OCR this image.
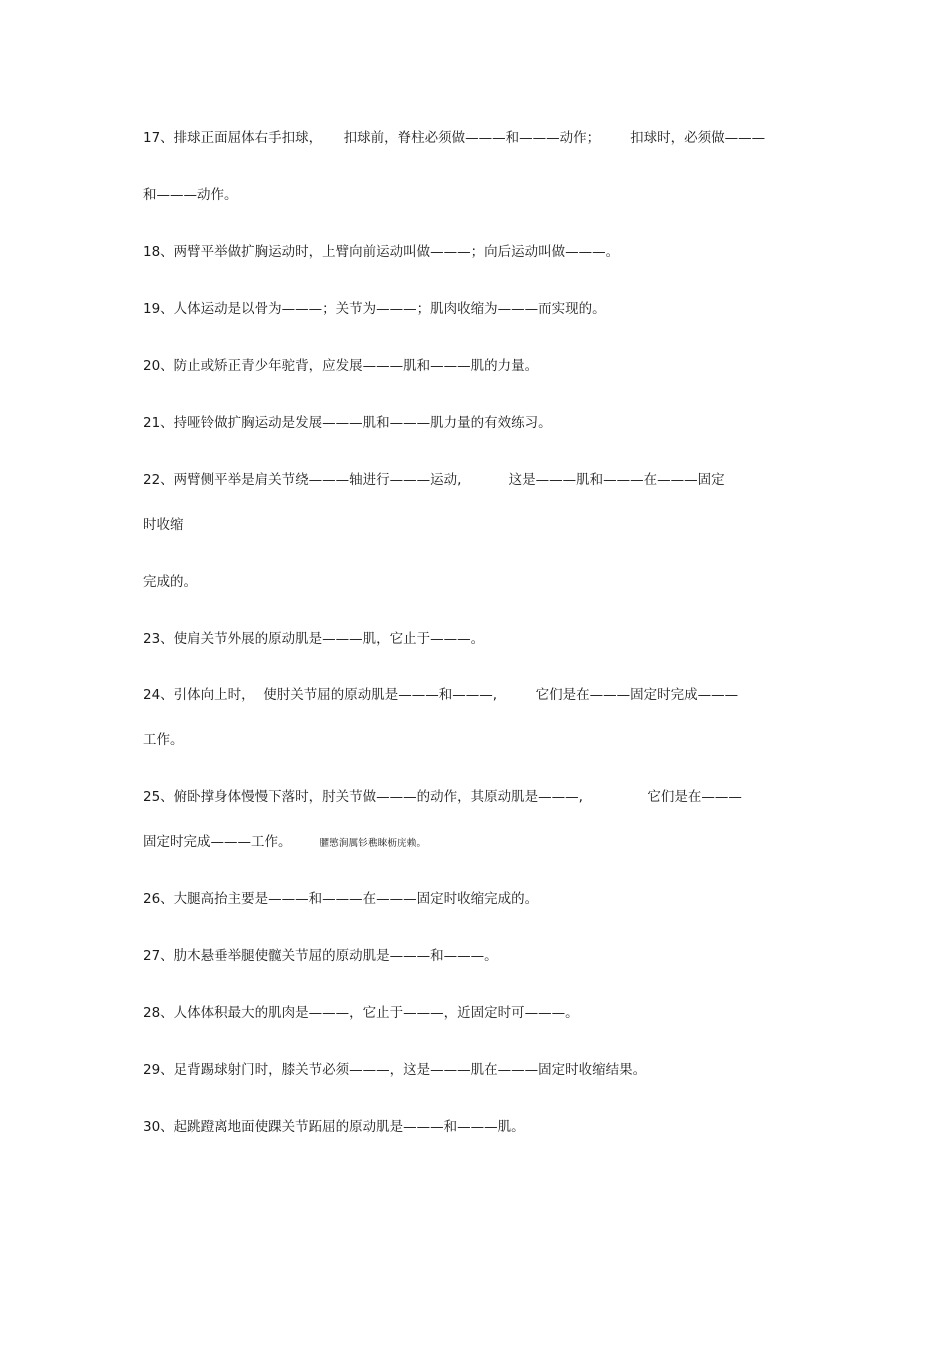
17、排球正面屈体右手扣球，     扣球前，脊柱必须做———和———动作；       扣球时，必须做———
和———动作。
18、两臂平举做扩胸运动时，上臂向前运动叫做———；向后运动叫做———。
19、人体运动是以骨为———；关节为———；肌肉收缩为———而实现的。
20、防止或矫正青少年驼背，应发展———肌和———肌的力量。
21、持哑铃做扩胸运动是发展———肌和———肌力量的有效练习。
22、两臂侧平举是肩关节绕———轴进行———运动,           这是———肌和———在———固定
时收缩
完成的。
23、使肩关节外展的原动肌是———肌，它止于———。
24、引体向上时，  使肘关节屈的原动肌是———和———,         它们是在———固定时完成———
工作。
25、俯卧撑身体慢慢下落时，肘关节做———的动作，其原动肌是———,               它们是在———
固定时完成———工作。	臞慜涧厲钐穛睞枥庑赖。
26、大腿高抬主要是———和———在———固定时收缩完成的。
27、肋木悬垂举腿使髋关节屈的原动肌是———和———。
28、人体体积最大的肌肉是———，它止于———，近固定时可———。
29、足背踢球射门时，膝关节必须———，这是———肌在———固定时收缩结果。
30、起跳蹬离地面使踝关节跖屈的原动肌是———和———肌。
